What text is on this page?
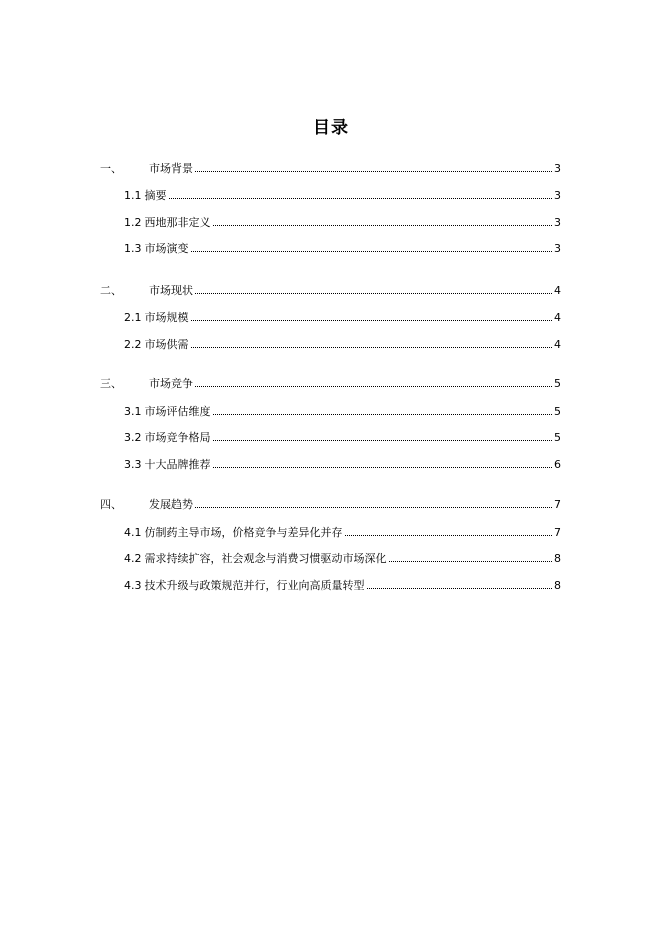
目录
一、	市场背景	3
1.1 摘要	3
1.2 西地那非定义	3
1.3 市场演变	3
二、	市场现状	4
2.1 市场规模	4
2.2 市场供需	4
三、	市场竞争	5
3.1 市场评估维度	5
3.2 市场竞争格局	5
3.3 十大品牌推荐	6
四、	发展趋势	7
4.1 仿制药主导市场，价格竞争与差异化并存	7
4.2 需求持续扩容，社会观念与消费习惯驱动市场深化	8
4.3 技术升级与政策规范并行，行业向高质量转型	8
